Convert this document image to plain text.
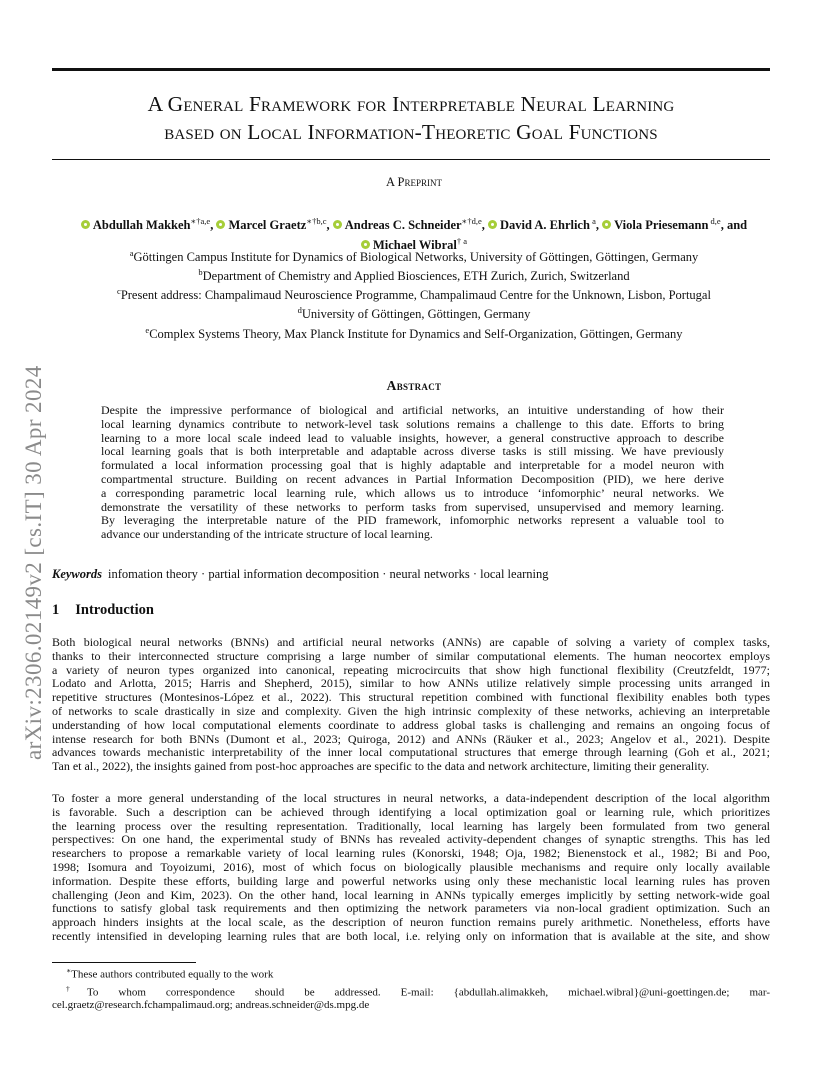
A General Framework for Interpretable Neural Learning
based on Local Information-Theoretic Goal Functions
A Preprint
Abdullah Makkeh$^{∗\dagger a,e}$, Marcel Graetz$^{∗\dagger b,c}$, Andreas C. Schneider$^{∗\dagger d,e}$, David A. Ehrlich $^a$, Viola Priesemann $^{d,e}$, and
Michael Wibral$^{\dagger a}$
$^a$Göttingen Campus Institute for Dynamics of Biological Networks, University of Göttingen, Göttingen, Germany
$^b$Department of Chemistry and Applied Biosciences, ETH Zurich, Zurich, Switzerland
$^c$Present address: Champalimaud Neuroscience Programme, Champalimaud Centre for the Unknown, Lisbon, Portugal
$^d$University of Göttingen, Göttingen, Germany
$^e$Complex Systems Theory, Max Planck Institute for Dynamics and Self-Organization, Göttingen, Germany
Abstract
Despite the impressive performance of biological and artificial networks, an intuitive understanding of how their
local learning dynamics contribute to network-level task solutions remains a challenge to this date. Efforts to bring
learning to a more local scale indeed lead to valuable insights, however, a general constructive approach to describe
local learning goals that is both interpretable and adaptable across diverse tasks is still missing. We have previously
formulated a local information processing goal that is highly adaptable and interpretable for a model neuron with
compartmental structure. Building on recent advances in Partial Information Decomposition (PID), we here derive
a corresponding parametric local learning rule, which allows us to introduce ‘infomorphic’ neural networks. We
demonstrate the versatility of these networks to perform tasks from supervised, unsupervised and memory learning.
By leveraging the interpretable nature of the PID framework, infomorphic networks represent a valuable tool to
advance our understanding of the intricate structure of local learning.
Keywords infomation theory · partial information decomposition · neural networks · local learning
1 Introduction
Both biological neural networks (BNNs) and artificial neural networks (ANNs) are capable of solving a variety of complex tasks,
thanks to their interconnected structure comprising a large number of similar computational elements. The human neocortex employs
a variety of neuron types organized into canonical, repeating microcircuits that show high functional flexibility (Creutzfeldt, 1977;
Lodato and Arlotta, 2015; Harris and Shepherd, 2015), similar to how ANNs utilize relatively simple processing units arranged in
repetitive structures (Montesinos-López et al., 2022). This structural repetition combined with functional flexibility enables both types
of networks to scale drastically in size and complexity. Given the high intrinsic complexity of these networks, achieving an interpretable
understanding of how local computational elements coordinate to address global tasks is challenging and remains an ongoing focus of
intense research for both BNNs (Dumont et al., 2023; Quiroga, 2012) and ANNs (Räuker et al., 2023; Angelov et al., 2021). Despite
advances towards mechanistic interpretability of the inner local computational structures that emerge through learning (Goh et al., 2021;
Tan et al., 2022), the insights gained from post-hoc approaches are specific to the data and network architecture, limiting their generality.
To foster a more general understanding of the local structures in neural networks, a data-independent description of the local algorithm
is favorable. Such a description can be achieved through identifying a local optimization goal or learning rule, which prioritizes
the learning process over the resulting representation. Traditionally, local learning has largely been formulated from two general
perspectives: On one hand, the experimental study of BNNs has revealed activity-dependent changes of synaptic strengths. This has led
researchers to propose a remarkable variety of local learning rules (Konorski, 1948; Oja, 1982; Bienenstock et al., 1982; Bi and Poo,
1998; Isomura and Toyoizumi, 2016), most of which focus on biologically plausible mechanisms and require only locally available
information. Despite these efforts, building large and powerful networks using only these mechanistic local learning rules has proven
challenging (Jeon and Kim, 2023). On the other hand, local learning in ANNs typically emerges implicitly by setting network-wide goal
functions to satisfy global task requirements and then optimizing the network parameters via non-local gradient optimization. Such an
approach hinders insights at the local scale, as the description of neuron function remains purely arithmetic. Nonetheless, efforts have
recently intensified in developing learning rules that are both local, i.e. relying only on information that is available at the site, and show
∗These authors contributed equally to the work
†To whom correspondence should be addressed. E-mail: {abdullah.alimakkeh, michael.wibral}@uni-goettingen.de; mar-
cel.graetz@research.fchampalimaud.org; andreas.schneider@ds.mpg.de
arXiv:2306.02149v2 [cs.IT] 30 Apr 2024
